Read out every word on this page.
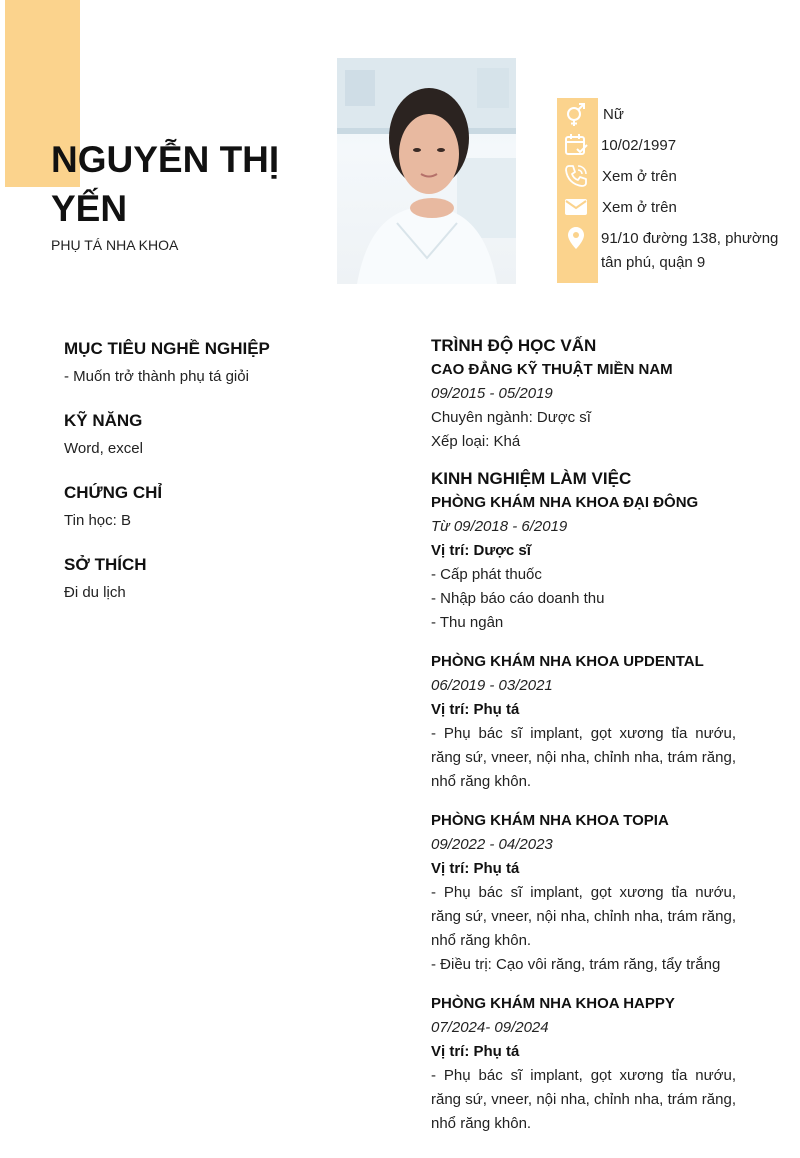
NGUYỄN THỊ YẾN
PHỤ TÁ NHA KHOA
Nữ
10/02/1997
Xem ở trên
Xem ở trên
91/10 đường 138, phường tân phú, quận 9
MỤC TIÊU NGHỀ NGHIỆP
- Muốn trở thành phụ tá giỏi
KỸ NĂNG
Word, excel
CHỨNG CHỈ
Tin học: B
SỞ THÍCH
Đi du lịch
TRÌNH ĐỘ HỌC VẤN
CAO ĐẲNG KỸ THUẬT MIỀN NAM
09/2015 - 05/2019
Chuyên ngành: Dược sĩ
Xếp loại: Khá
KINH NGHIỆM LÀM VIỆC
PHÒNG KHÁM NHA KHOA ĐẠI ĐÔNG
Từ 09/2018 - 6/2019
Vị trí: Dược sĩ
- Cấp phát thuốc
- Nhập báo cáo doanh thu
- Thu ngân
PHÒNG KHÁM NHA KHOA UPDENTAL
06/2019 - 03/2021
Vị trí: Phụ tá
- Phụ bác sĩ implant, gọt xương tỉa nướu, răng sứ, vneer, nội nha, chỉnh nha, trám răng, nhổ răng khôn.
PHÒNG KHÁM NHA KHOA TOPIA
09/2022 - 04/2023
Vị trí: Phụ tá
- Phụ bác sĩ implant, gọt xương tỉa nướu, răng sứ, vneer, nội nha, chỉnh nha, trám răng, nhổ răng khôn.
- Điều trị: Cạo vôi răng, trám răng, tẩy trắng
PHÒNG KHÁM NHA KHOA HAPPY
07/2024- 09/2024
Vị trí: Phụ tá
- Phụ bác sĩ implant, gọt xương tỉa nướu, răng sứ, vneer, nội nha, chỉnh nha, trám răng, nhổ răng khôn.
